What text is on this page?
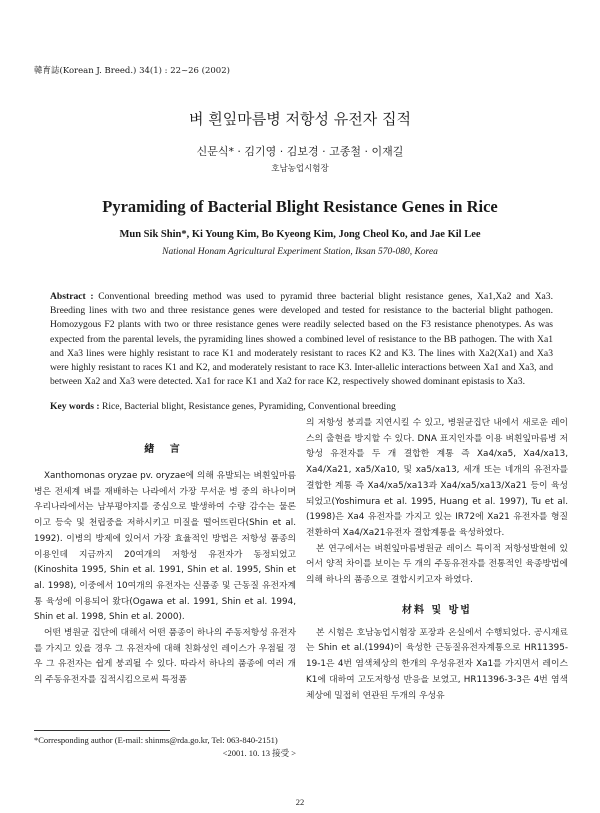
韓育誌(Korean J. Breed.) 34(1) : 22~26 (2002)
벼 흰잎마름병 저항성 유전자 집적
신문식* · 김기영 · 김보경 · 고종철 · 이재길
호남농업시험장
Pyramiding of Bacterial Blight Resistance Genes in Rice
Mun Sik Shin*, Ki Young Kim, Bo Kyeong Kim, Jong Cheol Ko, and Jae Kil Lee
National Honam Agricultural Experiment Station, Iksan 570-080, Korea
Abstract : Conventional breeding method was used to pyramid three bacterial blight resistance genes, Xa1,Xa2 and Xa3. Breeding lines with two and three resistance genes were developed and tested for resistance to the bacterial blight pathogen. Homozygous F2 plants with two or three resistance genes were readily selected based on the F3 resistance phenotypes. As was expected from the parental levels, the pyramiding lines showed a combined level of resistance to the BB pathogen. The with Xa1 and Xa3 lines were highly resistant to race K1 and moderately resistant to races K2 and K3. The lines with Xa2(Xa1) and Xa3 were highly resistant to races K1 and K2, and moderately resistant to race K3. Inter-allelic interactions between Xa1 and Xa3, and between Xa2 and Xa3 were detected. Xa1 for race K1 and Xa2 for race K2, respectively showed dominant epistasis to Xa3.
Key words : Rice, Bacterial blight, Resistance genes, Pyramiding, Conventional breeding
緖 言

Xanthomonas oryzae pv. oryzae에 의해 유발되는 벼흰잎마름병은 전세계 벼를 재배하는 나라에서 가장 무서운 병 중의 하나이며 우리나라에서는 남부평야지를 중심으로 발생하여 수량 감수는 물론이고 등숙 및 천립중을 저하시키고 미질을 떨어뜨린다(Shin et al. 1992). 이병의 방제에 있어서 가장 효율적인 방법은 저항성 품종의 이용인데 지금까지 20여개의 저항성 유전자가 동정되었고(Kinoshita 1995, Shin et al. 1991, Shin et al. 1995, Shin et al. 1998), 이중에서 10여개의 유전자는 신품종 및 근동질 유전자계통 육성에 이용되어 왔다(Ogawa et al. 1991, Shin et al. 1994, Shin et al. 1998, Shin et al. 2000).

어떤 병원균 집단에 대해서 어떤 품종이 하나의 주동저항성 유전자를 가지고 있을 경우 그 유전자에 대해 친화성인 레이스가 우점될 경우 그 유전자는 쉽게 붕괴될 수 있다. 따라서 하나의 품종에 여러 개의 주동유전자를 집적시킴으로써 특정품

의 저항성 붕괴를 지연시킬 수 있고, 병원균집단 내에서 새로운 레이스의 출현을 방지할 수 있다. DNA 표지인자를 이용 벼흰잎마름병 저항성 유전자를 두 개 결합한 계통 즉 Xa4/xa5, Xa4/xa13, Xa4/Xa21, xa5/Xa10, 및 xa5/xa13, 세개 또는 네개의 유전자를 결합한 계통 즉 Xa4/xa5/xa13과 Xa4/xa5/xa13/Xa21 등이 육성되었고(Yoshimura et al. 1995, Huang et al. 1997), Tu et al.(1998)은 Xa4 유전자를 가지고 있는 IR72에 Xa21 유전자를 형질전환하여 Xa4/Xa21유전자 결합계통을 육성하였다.

본 연구에서는 벼흰잎마름병원균 레이스 특이적 저항성발현에 있어서 양적 차이를 보이는 두 개의 주동유전자를 전통적인 육종방법에 의해 하나의 품종으로 결합시키고자 하였다.

材料 및 방법

본 시험은 호남농업시험장 포장과 온실에서 수행되었다. 공시재료는 Shin et al.(1994)이 육성한 근동질유전자계통으로 HR11395-19-1은 4번 염색체상의 한개의 우성유전자 Xa1를 가지면서 레이스 K1에 대하여 고도저항성 반응을 보였고, HR11396-3-3은 4번 염색체상에 밀접히 연관된 두개의 우성유

*Corresponding author (E-mail: shinms@rda.go.kr, Tel: 063-840-2151)
<2001. 10. 13 接受 >
22
